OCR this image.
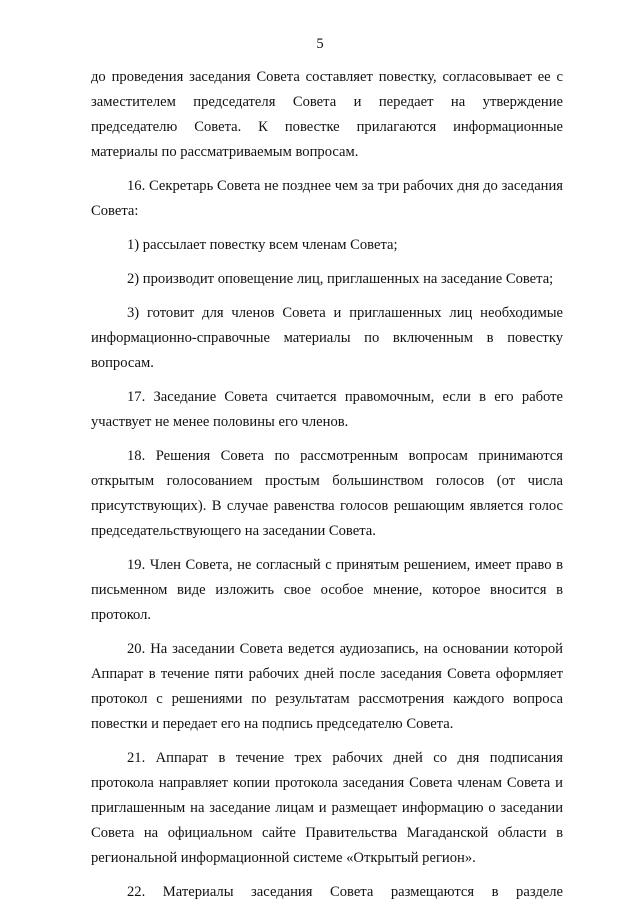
5

до проведения заседания Совета составляет повестку, согласовывает ее с заместителем председателя Совета и передает на утверждение председателю Совета. К повестке прилагаются информационные материалы по рассматриваемым вопросам.

16. Секретарь Совета не позднее чем за три рабочих дня до заседания Совета:

1) рассылает повестку всем членам Совета;

2) производит оповещение лиц, приглашенных на заседание Совета;

3) готовит для членов Совета и приглашенных лиц необходимые информационно-справочные материалы по включенным в повестку вопросам.

17. Заседание Совета считается правомочным, если в его работе участвует не менее половины его членов.

18. Решения Совета по рассмотренным вопросам принимаются открытым голосованием простым большинством голосов (от числа присутствующих). В случае равенства голосов решающим является голос председательствующего на заседании Совета.

19. Член Совета, не согласный с принятым решением, имеет право в письменном виде изложить свое особое мнение, которое вносится в протокол.

20. На заседании Совета ведется аудиозапись, на основании которой Аппарат в течение пяти рабочих дней после заседания Совета оформляет протокол с решениями по результатам рассмотрения каждого вопроса повестки и передает его на подпись председателю Совета.

21. Аппарат в течение трех рабочих дней со дня подписания протокола направляет копии протокола заседания Совета членам Совета и приглашенным на заседание лицам и размещает информацию о заседании Совета на официальном сайте Правительства Магаданской области в региональной информационной системе «Открытый регион».

22. Материалы заседания Совета размещаются в разделе
